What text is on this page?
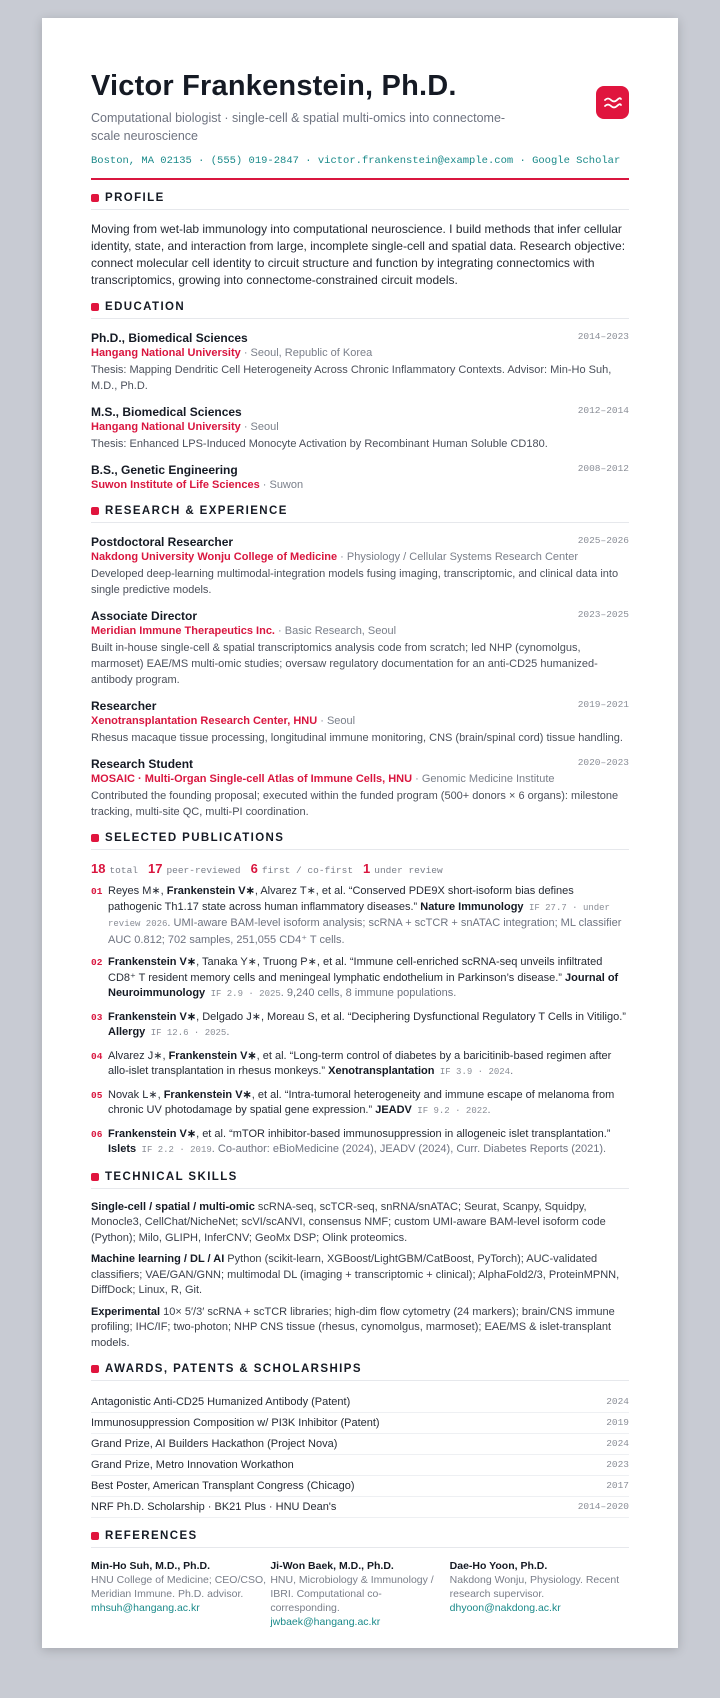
Victor Frankenstein, Ph.D.
Computational biologist · single-cell & spatial multi-omics into connectome-scale neuroscience
Boston, MA 02135 · (555) 019-2847 · victor.frankenstein@example.com · Google Scholar
PROFILE
Moving from wet-lab immunology into computational neuroscience. I build methods that infer cellular identity, state, and interaction from large, incomplete single-cell and spatial data. Research objective: connect molecular cell identity to circuit structure and function by integrating connectomics with transcriptomics, growing into connectome-constrained circuit models.
EDUCATION
Ph.D., Biomedical Sciences	2014–2023
Hangang National University · Seoul, Republic of Korea
Thesis: Mapping Dendritic Cell Heterogeneity Across Chronic Inflammatory Contexts. Advisor: Min-Ho Suh, M.D., Ph.D.
M.S., Biomedical Sciences	2012–2014
Hangang National University · Seoul
Thesis: Enhanced LPS-Induced Monocyte Activation by Recombinant Human Soluble CD180.
B.S., Genetic Engineering	2008–2012
Suwon Institute of Life Sciences · Suwon
RESEARCH & EXPERIENCE
Postdoctoral Researcher	2025–2026
Nakdong University Wonju College of Medicine · Physiology / Cellular Systems Research Center
Developed deep-learning multimodal-integration models fusing imaging, transcriptomic, and clinical data into single predictive models.
Associate Director	2023–2025
Meridian Immune Therapeutics Inc. · Basic Research, Seoul
Built in-house single-cell & spatial transcriptomics analysis code from scratch; led NHP (cynomolgus, marmoset) EAE/MS multi-omic studies; oversaw regulatory documentation for an anti-CD25 humanized-antibody program.
Researcher	2019–2021
Xenotransplantation Research Center, HNU · Seoul
Rhesus macaque tissue processing, longitudinal immune monitoring, CNS (brain/spinal cord) tissue handling.
Research Student	2020–2023
MOSAIC · Multi-Organ Single-cell Atlas of Immune Cells, HNU · Genomic Medicine Institute
Contributed the founding proposal; executed within the funded program (500+ donors × 6 organs): milestone tracking, multi-site QC, multi-PI coordination.
SELECTED PUBLICATIONS
18 total 17 peer-reviewed 6 first / co-first 1 under review
01 Reyes M∗, Frankenstein V∗, Alvarez T∗, et al. “Conserved PDE9X short-isoform bias defines pathogenic Th1.17 state across human inflammatory diseases.” Nature Immunology IF 27.7 · under review 2026. UMI-aware BAM-level isoform analysis; scRNA + scTCR + snATAC integration; ML classifier AUC 0.812; 702 samples, 251,055 CD4⁺ T cells.
02 Frankenstein V∗, Tanaka Y∗, Truong P∗, et al. “Immune cell-enriched scRNA-seq unveils infiltrated CD8⁺ T resident memory cells and meningeal lymphatic endothelium in Parkinson’s disease.” Journal of Neuroimmunology IF 2.9 · 2025. 9,240 cells, 8 immune populations.
03 Frankenstein V∗, Delgado J∗, Moreau S, et al. “Deciphering Dysfunctional Regulatory T Cells in Vitiligo.” Allergy IF 12.6 · 2025.
04 Alvarez J∗, Frankenstein V∗, et al. “Long-term control of diabetes by a baricitinib-based regimen after allo-islet transplantation in rhesus monkeys.” Xenotransplantation IF 3.9 · 2024.
05 Novak L∗, Frankenstein V∗, et al. “Intra-tumoral heterogeneity and immune escape of melanoma from chronic UV photodamage by spatial gene expression.” JEADV IF 9.2 · 2022.
06 Frankenstein V∗, et al. “mTOR inhibitor-based immunosuppression in allogeneic islet transplantation.” Islets IF 2.2 · 2019. Co-author: eBioMedicine (2024), JEADV (2024), Curr. Diabetes Reports (2021).
TECHNICAL SKILLS
Single-cell / spatial / multi-omic scRNA-seq, scTCR-seq, snRNA/snATAC; Seurat, Scanpy, Squidpy, Monocle3, CellChat/NicheNet; scVI/scANVI, consensus NMF; custom UMI-aware BAM-level isoform code (Python); Milo, GLIPH, InferCNV; GeoMx DSP; Olink proteomics.
Machine learning / DL / AI Python (scikit-learn, XGBoost/LightGBM/CatBoost, PyTorch); AUC-validated classifiers; VAE/GAN/GNN; multimodal DL (imaging + transcriptomic + clinical); AlphaFold2/3, ProteinMPNN, DiffDock; Linux, R, Git.
Experimental 10× 5′/3′ scRNA + scTCR libraries; high-dim flow cytometry (24 markers); brain/CNS immune profiling; IHC/IF; two-photon; NHP CNS tissue (rhesus, cynomolgus, marmoset); EAE/MS & islet-transplant models.
AWARDS, PATENTS & SCHOLARSHIPS
Antagonistic Anti-CD25 Humanized Antibody (Patent)	2024
Immunosuppression Composition w/ PI3K Inhibitor (Patent)	2019
Grand Prize, AI Builders Hackathon (Project Nova)	2024
Grand Prize, Metro Innovation Workathon	2023
Best Poster, American Transplant Congress (Chicago)	2017
NRF Ph.D. Scholarship · BK21 Plus · HNU Dean's	2014–2020
REFERENCES
Min-Ho Suh, M.D., Ph.D.
HNU College of Medicine; CEO/CSO, Meridian Immune. Ph.D. advisor.
mhsuh@hangang.ac.kr
Ji-Won Baek, M.D., Ph.D.
HNU, Microbiology & Immunology / IBRI. Computational co-corresponding.
jwbaek@hangang.ac.kr
Dae-Ho Yoon, Ph.D.
Nakdong Wonju, Physiology. Recent research supervisor.
dhyoon@nakdong.ac.kr
